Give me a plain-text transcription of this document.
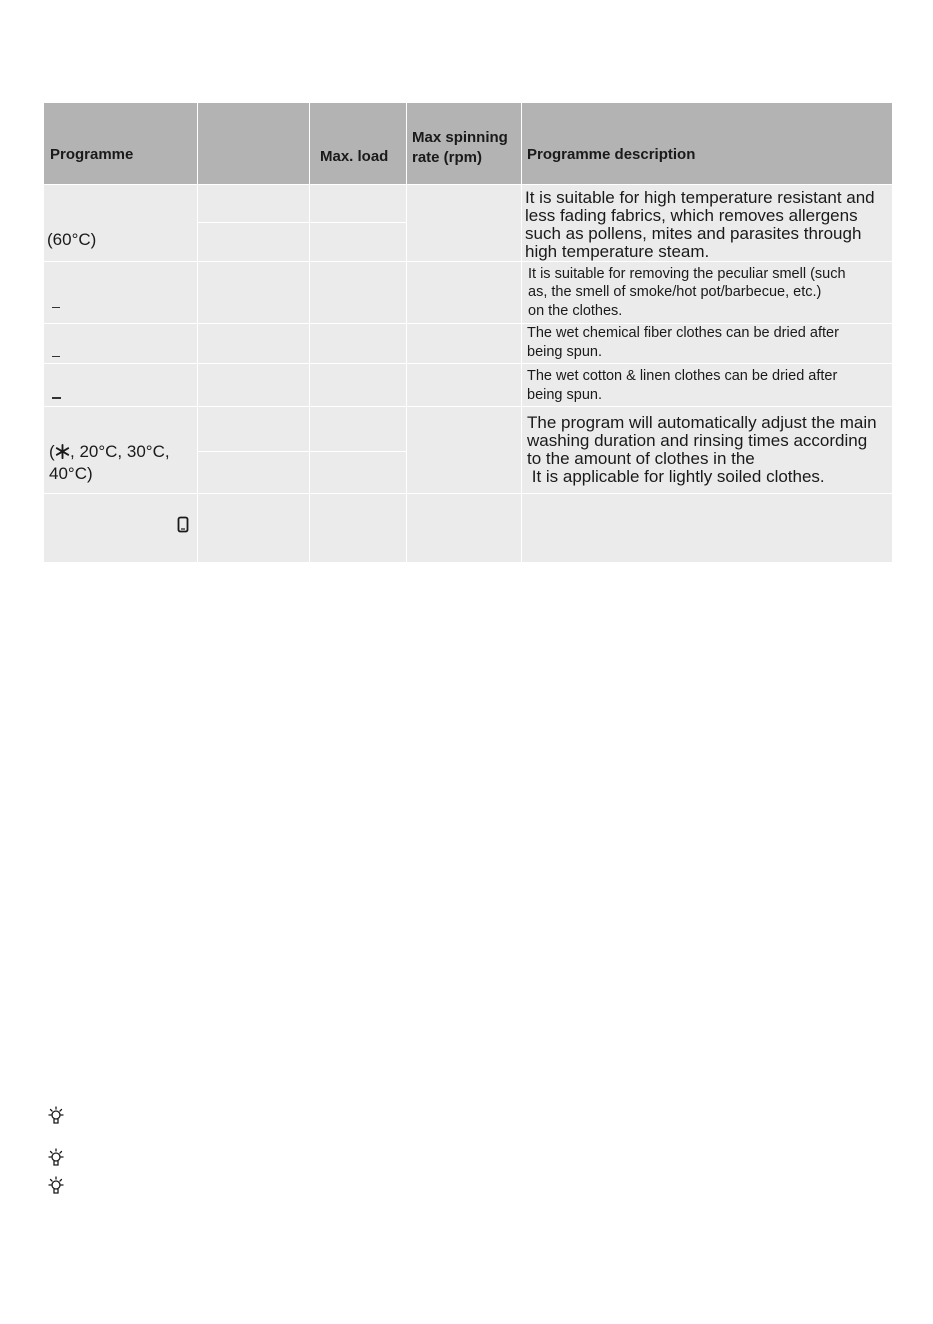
Programme	Max. load
Max spinning
rate (rpm)	Programme description
(60°C)
It is suitable for high temperature resistant and
less fading fabrics, which removes allergens
such as pollens, mites and parasites through
high temperature steam.
It is suitable for removing the peculiar smell (such
as, the smell of smoke/hot pot/barbecue, etc.)
on the clothes.
The wet chemical fiber clothes can be dried after
being spun.
The wet cotton & linen clothes can be dried after
being spun.
( , 20°C, 30°C,
40°C)
The program will automatically adjust the main
washing duration and rinsing times according
to the amount of clothes in the
It is applicable for lightly soiled clothes.
